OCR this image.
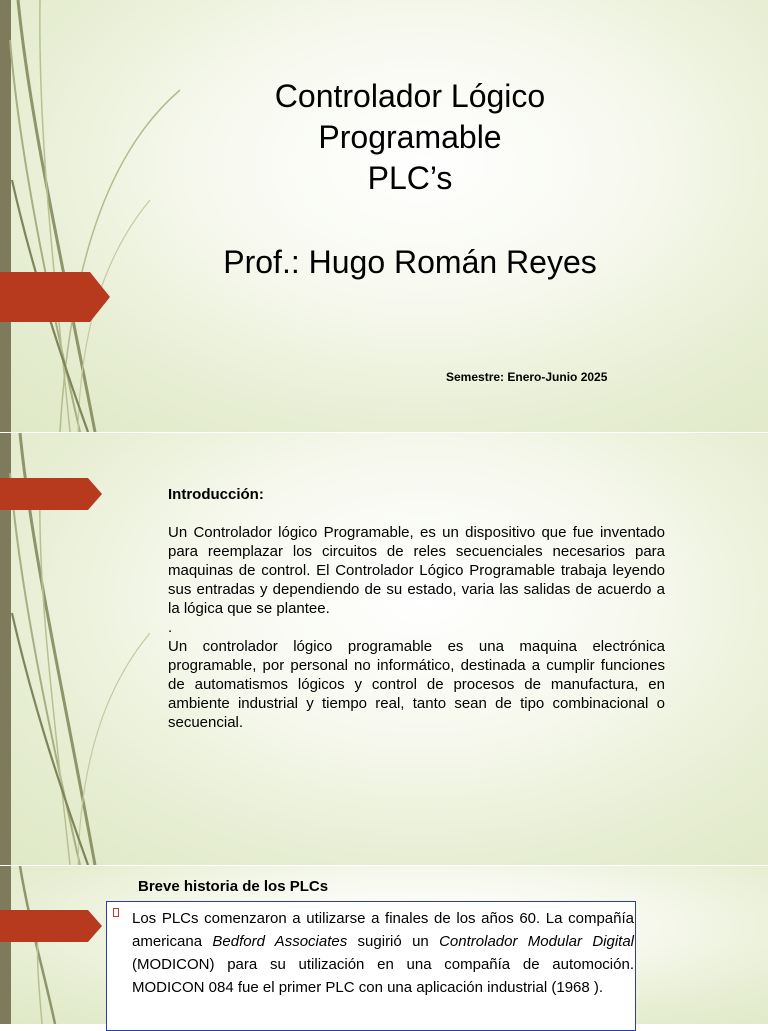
Controlador Lógico
Programable
PLC’s

Prof.: Hugo Román Reyes

Semestre: Enero-Junio 2025
Introducción:

Un Controlador lógico Programable, es un dispositivo que fue inventado para reemplazar los circuitos de reles secuenciales necesarios para maquinas de control. El Controlador Lógico Programable trabaja leyendo sus entradas y dependiendo de su estado, varia las salidas de acuerdo a la lógica que se plantee.

.

Un controlador lógico programable es una maquina electrónica programable, por personal no informático, destinada a cumplir funciones de automatismos lógicos y control de procesos de manufactura, en ambiente industrial y tiempo real, tanto sean de tipo combinacional o secuencial.

Breve historia de los PLCs

Los PLCs comenzaron a utilizarse a finales de los años 60. La compañía americana Bedford Associates sugirió un Controlador Modular Digital (MODICON) para su utilización en una compañía de automoción. MODICON 084 fue el primer PLC con una aplicación industrial (1968 ).
